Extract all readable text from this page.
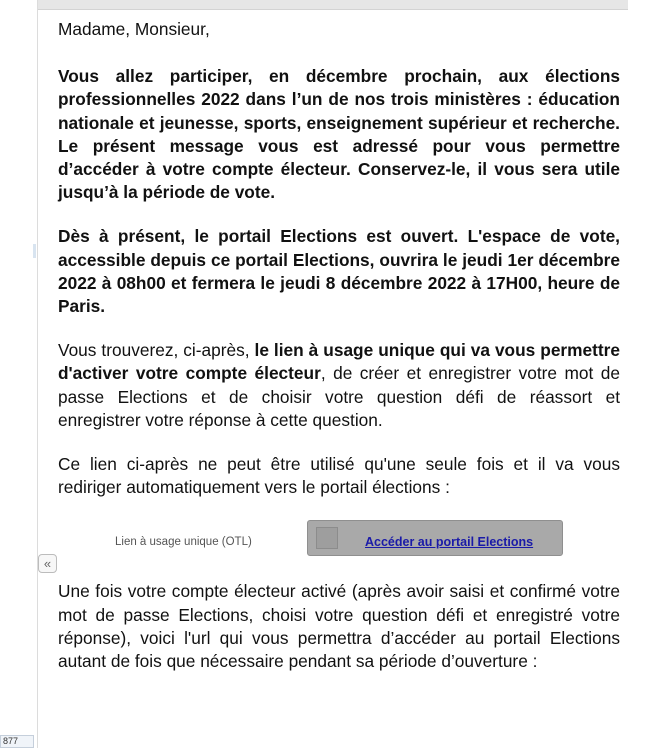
«
877

Madame, Monsieur,

Vous allez participer, en décembre prochain, aux élections professionnelles 2022 dans l’un de nos trois ministères : éducation nationale et jeunesse, sports, enseignement supérieur et recherche. Le présent message vous est adressé pour vous permettre d’accéder à votre compte électeur. Conservez-le, il vous sera utile jusqu’à la période de vote.

Dès à présent, le portail Elections est ouvert. L'espace de vote, accessible depuis ce portail Elections, ouvrira le jeudi 1er décembre 2022 à 08h00 et fermera le jeudi 8 décembre 2022 à 17H00, heure de Paris.

Vous trouverez, ci-après, le lien à usage unique qui va vous permettre d'activer votre compte électeur, de créer et enregistrer votre mot de passe Elections et de choisir votre question défi de réassort et enregistrer votre réponse à cette question.

Ce lien ci-après ne peut être utilisé qu'une seule fois et il va vous rediriger automatiquement vers le portail élections :

Lien à usage unique (OTL)	Accéder au portail Elections

Une fois votre compte électeur activé (après avoir saisi et confirmé votre mot de passe Elections, choisi votre question défi et enregistré votre réponse), voici l'url qui vous permettra d’accéder au portail Elections autant de fois que nécessaire pendant sa période d’ouverture :
